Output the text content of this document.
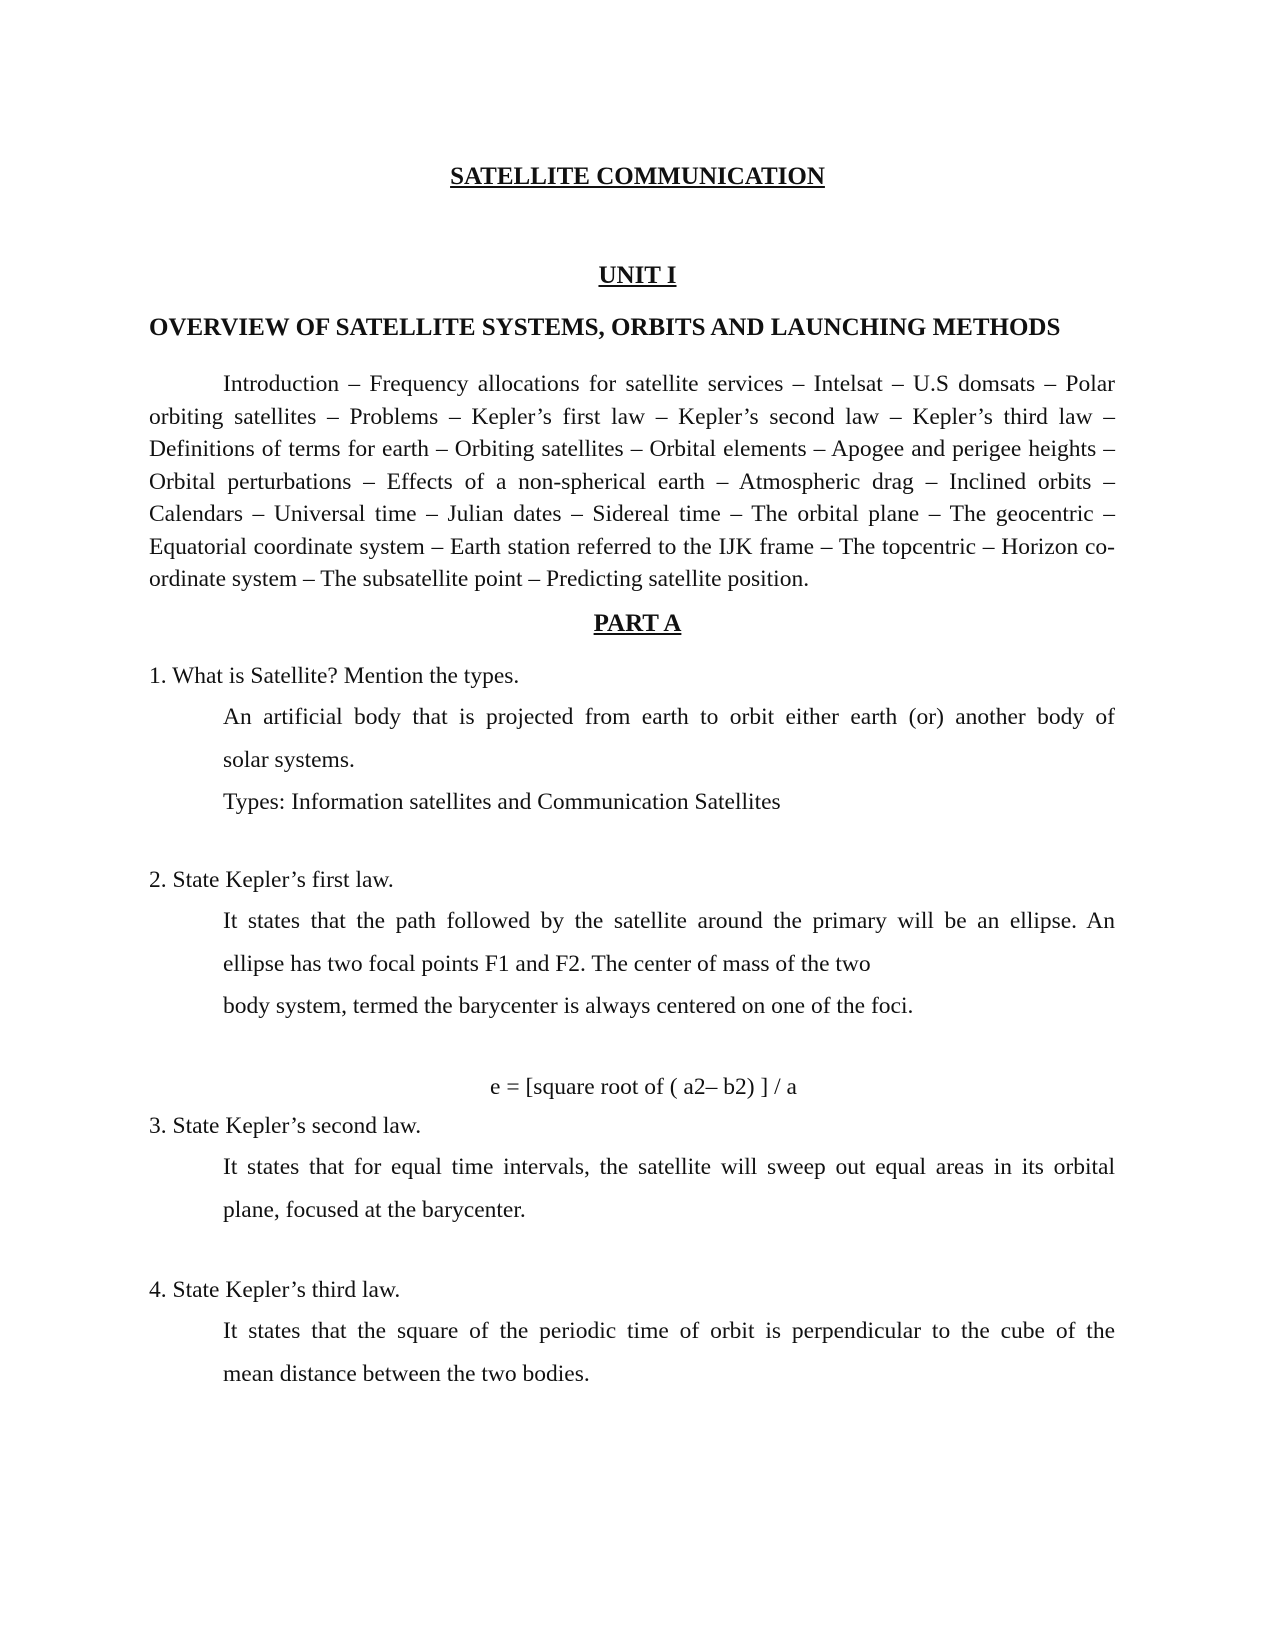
SATELLITE COMMUNICATION
UNIT I
OVERVIEW OF SATELLITE SYSTEMS, ORBITS AND LAUNCHING METHODS

Introduction – Frequency allocations for satellite services – Intelsat – U.S domsats – Polar orbiting satellites – Problems – Kepler’s first law – Kepler’s second law – Kepler’s third law – Definitions of terms for earth – Orbiting satellites – Orbital elements – Apogee and perigee heights – Orbital perturbations – Effects of a non-spherical earth – Atmospheric drag – Inclined orbits – Calendars – Universal time – Julian dates – Sidereal time – The orbital plane – The geocentric – Equatorial coordinate system – Earth station referred to the IJK frame – The topcentric – Horizon co-ordinate system – The subsatellite point – Predicting satellite position.

PART A
1. What is Satellite? Mention the types.
An artificial body that is projected from earth to orbit either earth (or) another body of
solar systems.
Types: Information satellites and Communication Satellites
2. State Kepler’s first law.
It states that the path followed by the satellite around the primary will be an ellipse. An
ellipse has two focal points F1 and F2. The center of mass of the two
body system, termed the barycenter is always centered on one of the foci.
e = [square root of ( a2– b2) ] / a
3. State Kepler’s second law.
It states that for equal time intervals, the satellite will sweep out equal areas in its orbital
plane, focused at the barycenter.
4. State Kepler’s third law.
It states that the square of the periodic time of orbit is perpendicular to the cube of the
mean distance between the two bodies.
